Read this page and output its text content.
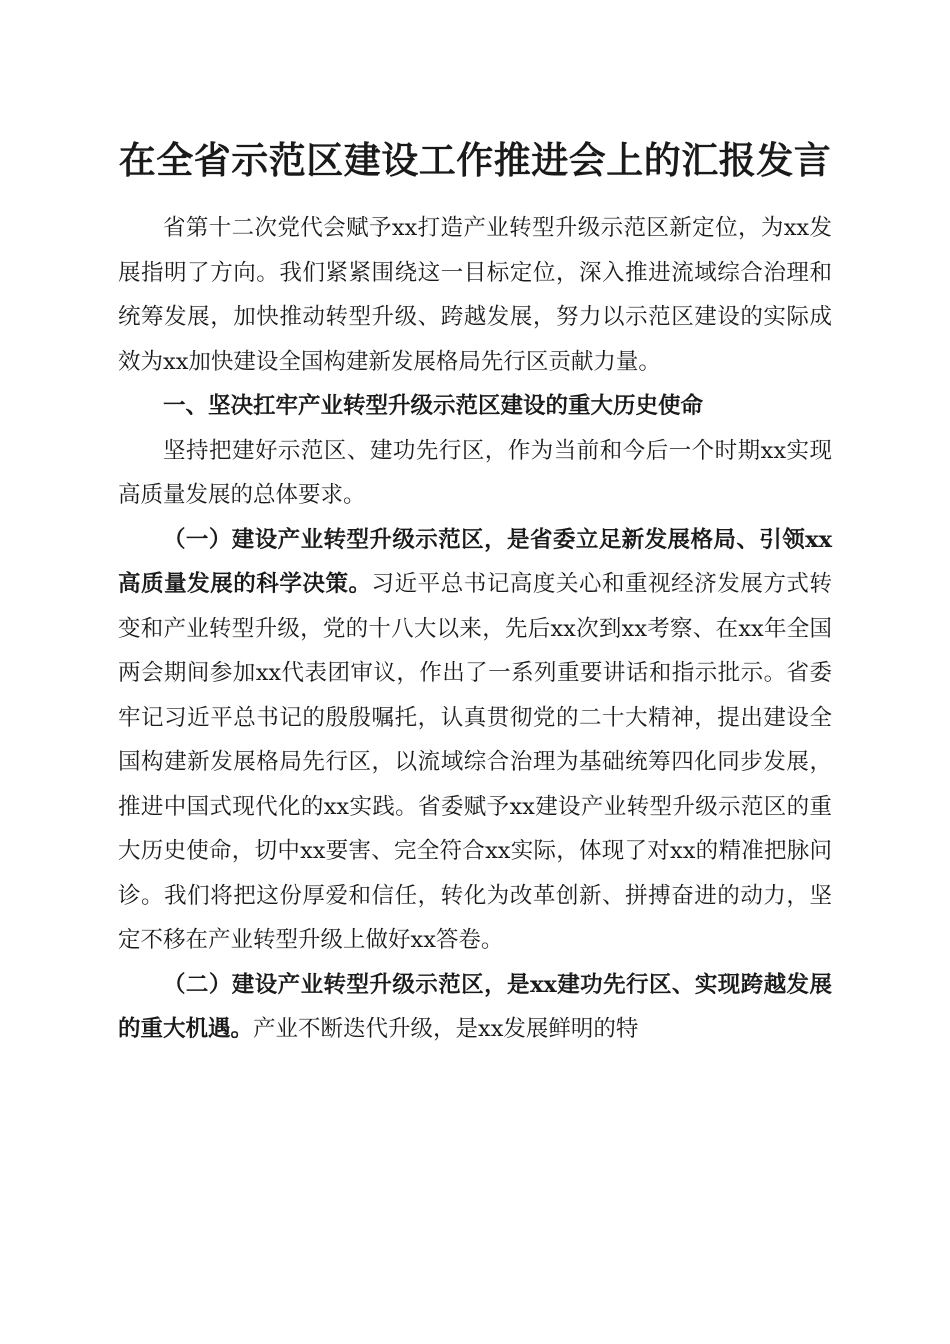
在全省示范区建设工作推进会上的汇报发言

省第十二次党代会赋予xx打造产业转型升级示范区新定位，为xx发展指明了方向。我们紧紧围绕这一目标定位，深入推进流域综合治理和统筹发展，加快推动转型升级、跨越发展，努力以示范区建设的实际成效为xx加快建设全国构建新发展格局先行区贡献力量。

一、坚决扛牢产业转型升级示范区建设的重大历史使命

坚持把建好示范区、建功先行区，作为当前和今后一个时期xx实现高质量发展的总体要求。

（一）建设产业转型升级示范区，是省委立足新发展格局、引领xx高质量发展的科学决策。习近平总书记高度关心和重视经济发展方式转变和产业转型升级，党的十八大以来，先后xx次到xx考察、在xx年全国两会期间参加xx代表团审议，作出了一系列重要讲话和指示批示。省委牢记习近平总书记的殷殷嘱托，认真贯彻党的二十大精神，提出建设全国构建新发展格局先行区，以流域综合治理为基础统筹四化同步发展，推进中国式现代化的xx实践。省委赋予xx建设产业转型升级示范区的重大历史使命，切中xx要害、完全符合xx实际，体现了对xx的精准把脉问诊。我们将把这份厚爱和信任，转化为改革创新、拼搏奋进的动力，坚定不移在产业转型升级上做好xx答卷。

（二）建设产业转型升级示范区，是xx建功先行区、实现跨越发展的重大机遇。产业不断迭代升级，是xx发展鲜明的特
